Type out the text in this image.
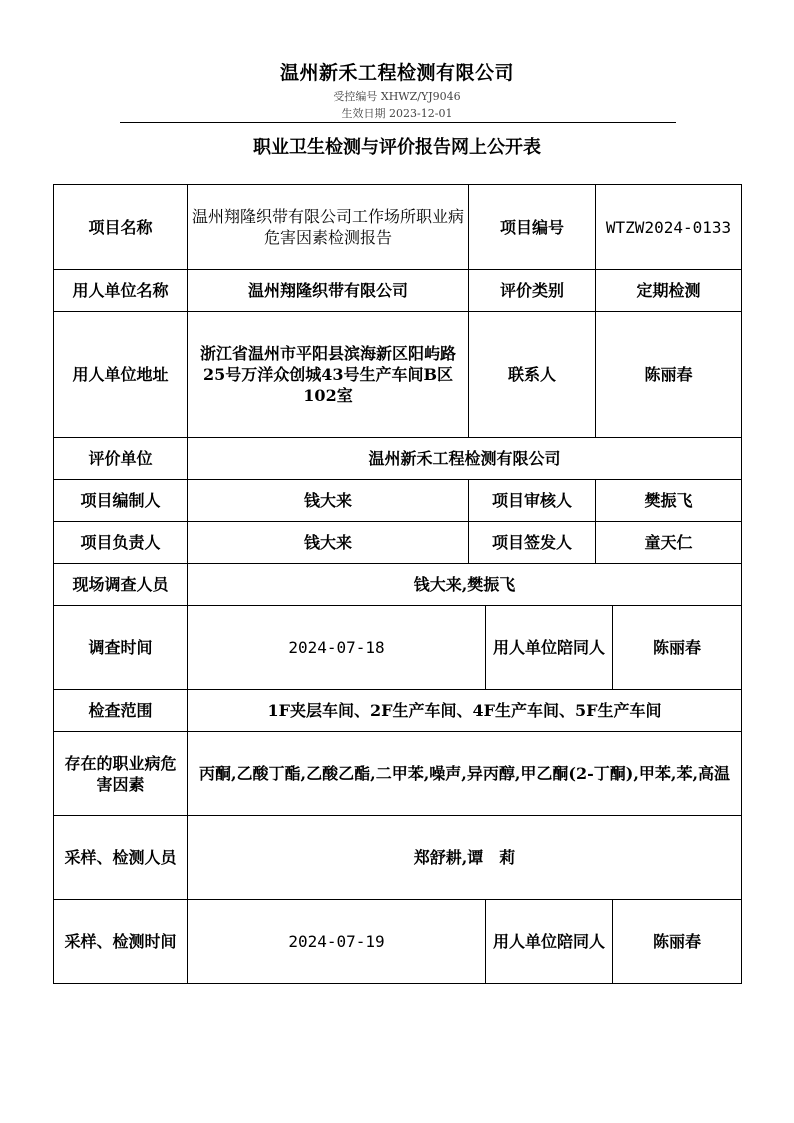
温州新禾工程检测有限公司
受控编号 XHWZ/YJ9046
生效日期 2023-12-01
职业卫生检测与评价报告网上公开表
项目名称	温州翔隆织带有限公司工作场所职业病危害因素检测报告	项目编号		WTZW2024-0133	
用人单位名称	温州翔隆织带有限公司	评价类别		定期检测	
用人单位地址	浙江省温州市平阳县滨海新区阳屿路25号万洋众创城43号生产车间B区102室	联系人		陈丽春	
评价单位	温州新禾工程检测有限公司				
项目编制人	钱大来	项目审核人		樊振飞	
项目负责人	钱大来	项目签发人		童天仁	
现场调查人员	钱大来,樊振飞				
调查时间	2024-07-18		用人单位陪同人		陈丽春
检查范围	1F夹层车间、2F生产车间、4F生产车间、5F生产车间				
存在的职业病危害因素	丙酮,乙酸丁酯,乙酸乙酯,二甲苯,噪声,异丙醇,甲乙酮(2-丁酮),甲苯,苯,高温				
采样、检测人员	郑舒耕,谭　莉				
采样、检测时间	2024-07-19		用人单位陪同人		陈丽春
